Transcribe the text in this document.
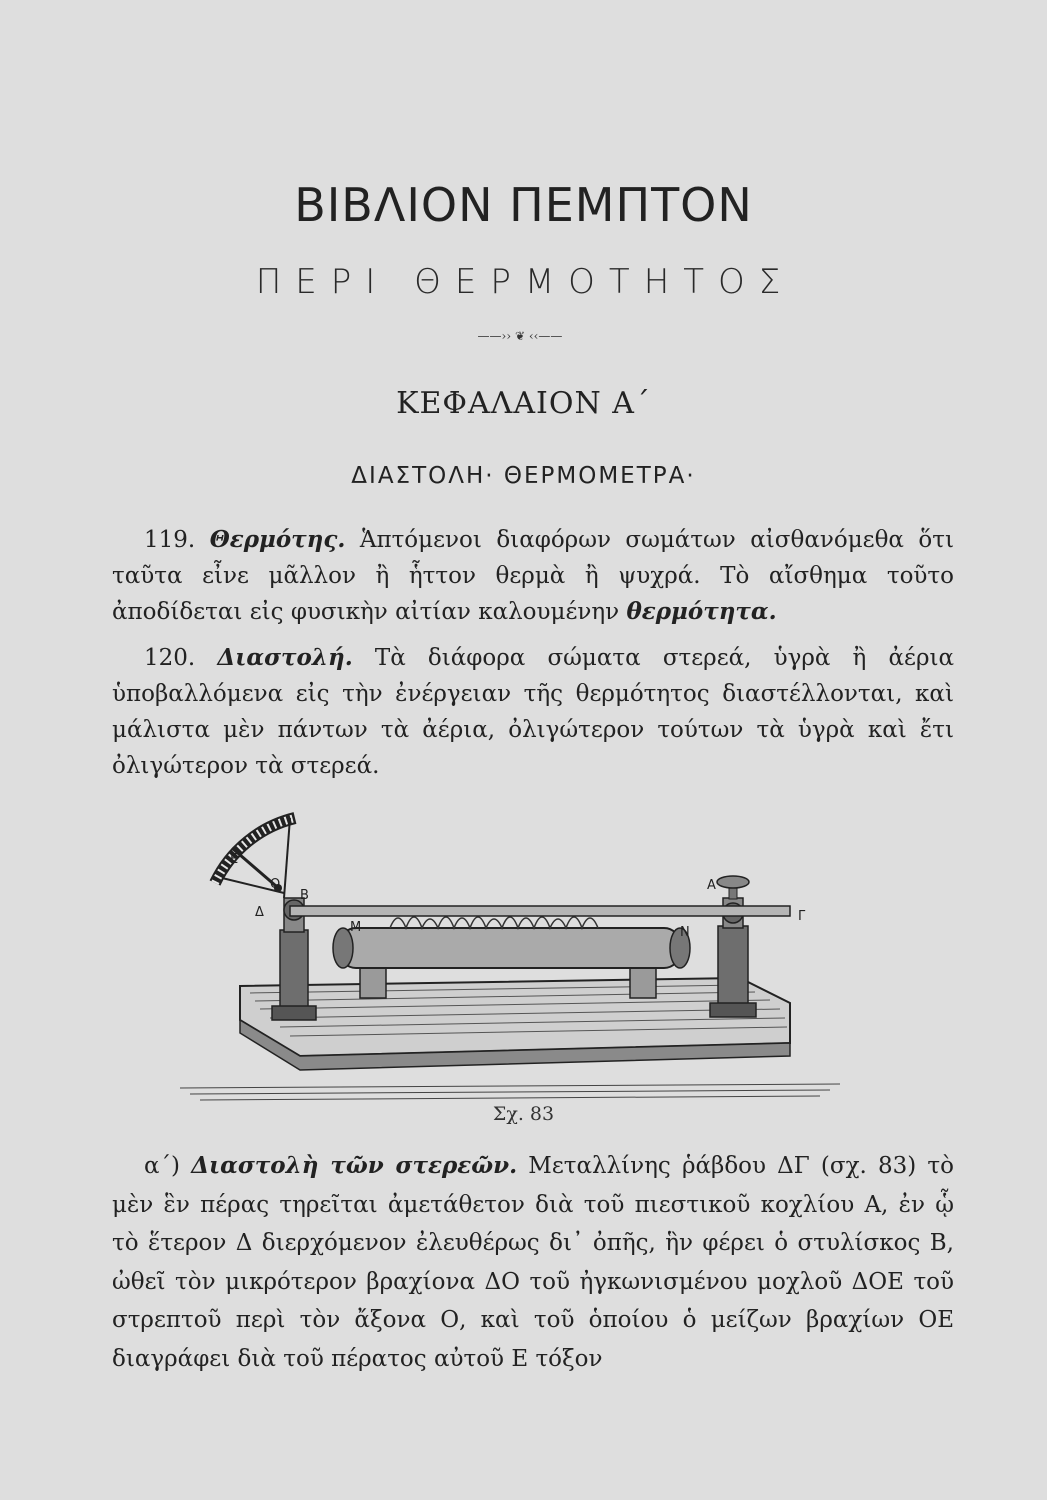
ΒΙΒΛΙΟΝ ΠΕΜΠΤΟΝ
ΠΕΡΙ ΘΕΡΜΟΤΗΤΟΣ
——›› ❦ ‹‹——
ΚΕΦΑΛΑΙΟΝ Α΄
ΔΙΑΣΤΟΛΗ· ΘΕΡΜΟΜΕΤΡΑ·
119. Θερμότης. Ἁπτόμενοι διαφόρων σωμάτων αἰσθανόμεθα ὅτι ταῦτα εἶνε μᾶλλον ἢ ἧττον θερμὰ ἢ ψυχρά. Τὸ αἴσθημα τοῦτο ἀποδίδεται εἰς φυσικὴν αἰτίαν καλουμένην θερμότητα.
120. Διαστολή. Τὰ διάφορα σώματα στερεά, ὑγρὰ ἢ ἀέρια ὑποβαλλόμενα εἰς τὴν ἐνέργειαν τῆς θερμότητος διαστέλλονται, καὶ μάλιστα μὲν πάντων τὰ ἀέρια, ὀλιγώτερον τούτων τὰ ὑγρὰ καὶ ἔτι ὀλιγώτερον τὰ στερεά.
Ε
Ο
Β
Δ
Α
Γ
Μ	Ν
Σχ. 83
α΄) Διαστολὴ τῶν στερεῶν. Μεταλλίνης ῥάβδου ΔΓ (σχ. 83) τὸ μὲν ἓν πέρας τηρεῖται ἀμετάθετον διὰ τοῦ πιεστικοῦ κοχλίου Α, ἐν ᾧ τὸ ἕτερον Δ διερχόμενον ἐλευθέρως δι᾽ ὀπῆς, ἣν φέρει ὁ στυλίσκος Β, ὠθεῖ τὸν μικρότερον βραχίονα ΔΟ τοῦ ἠγκωνισμένου μοχλοῦ ΔΟΕ τοῦ στρεπτοῦ περὶ τὸν ἄξονα Ο, καὶ τοῦ ὁποίου ὁ μείζων βραχίων ΟΕ διαγράφει διὰ τοῦ πέρατος αὐτοῦ Ε τόξον
